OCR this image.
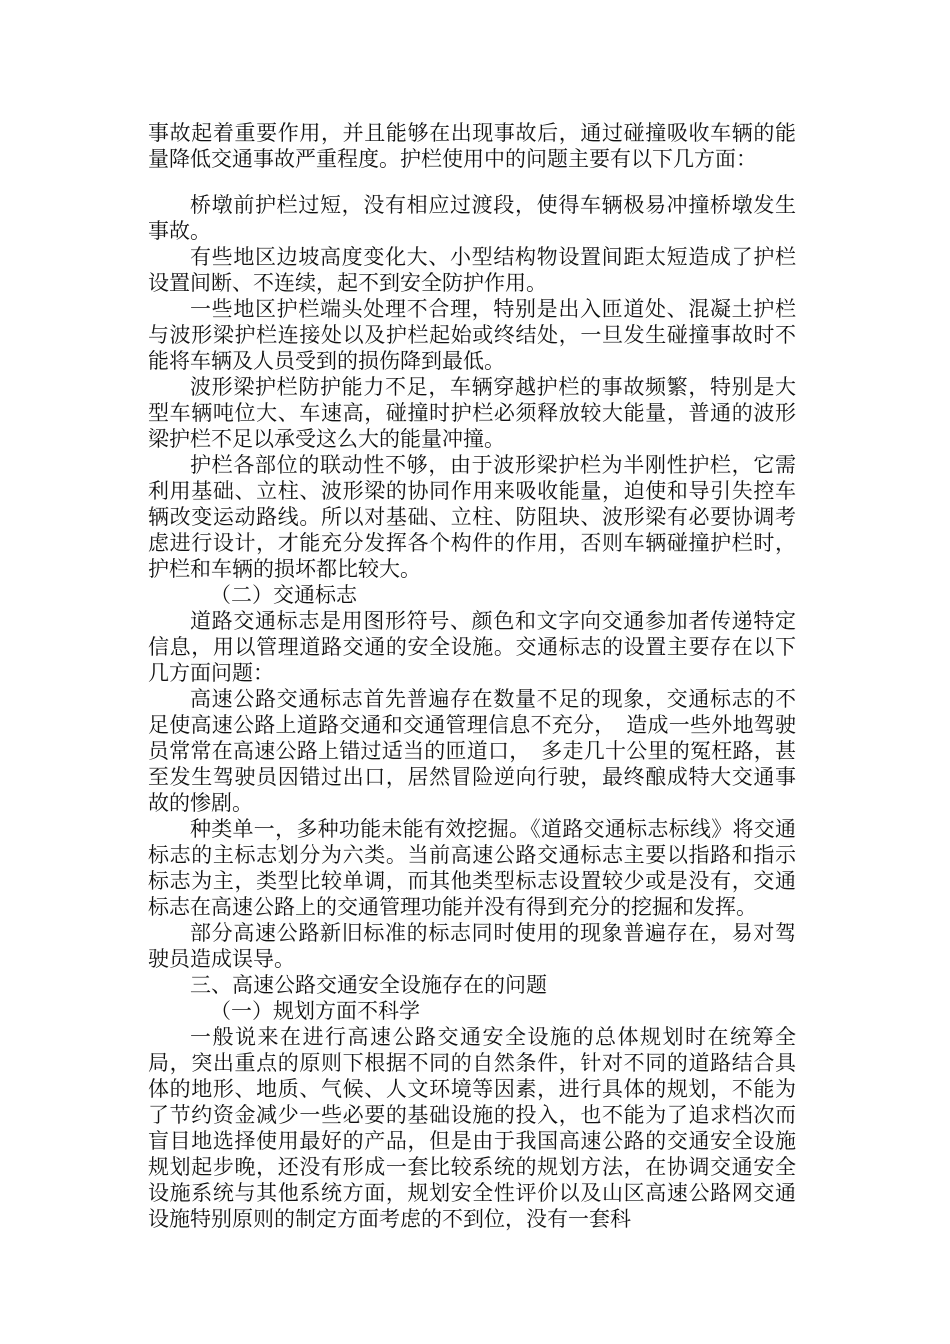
事故起着重要作用，并且能够在出现事故后，通过碰撞吸收车辆的能量降低交通事故严重程度。护栏使用中的问题主要有以下几方面：

桥墩前护栏过短，没有相应过渡段，使得车辆极易冲撞桥墩发生事故。

有些地区边坡高度变化大、小型结构物设置间距太短造成了护栏设置间断、不连续，起不到安全防护作用。

一些地区护栏端头处理不合理，特别是出入匝道处、混凝土护栏与波形梁护栏连接处以及护栏起始或终结处，一旦发生碰撞事故时不能将车辆及人员受到的损伤降到最低。

波形梁护栏防护能力不足，车辆穿越护栏的事故频繁，特别是大型车辆吨位大、车速高，碰撞时护栏必须释放较大能量，普通的波形梁护栏不足以承受这么大的能量冲撞。

护栏各部位的联动性不够，由于波形梁护栏为半刚性护栏，它需利用基础、立柱、波形梁的协同作用来吸收能量，迫使和导引失控车辆改变运动路线。所以对基础、立柱、防阻块、波形梁有必要协调考虑进行设计，才能充分发挥各个构件的作用，否则车辆碰撞护栏时，护栏和车辆的损坏都比较大。

（二）交通标志

道路交通标志是用图形符号、颜色和文字向交通参加者传递特定信息，用以管理道路交通的安全设施。交通标志的设置主要存在以下几方面问题：

高速公路交通标志首先普遍存在数量不足的现象，交通标志的不足使高速公路上道路交通和交通管理信息不充分，　造成一些外地驾驶员常常在高速公路上错过适当的匝道口，　多走几十公里的冤枉路，甚至发生驾驶员因错过出口，居然冒险逆向行驶，最终酿成特大交通事故的惨剧。

种类单一，多种功能未能有效挖掘。《道路交通标志标线》将交通标志的主标志划分为六类。当前高速公路交通标志主要以指路和指示标志为主，类型比较单调，而其他类型标志设置较少或是没有，交通标志在高速公路上的交通管理功能并没有得到充分的挖掘和发挥。

部分高速公路新旧标准的标志同时使用的现象普遍存在，易对驾驶员造成误导。

三、高速公路交通安全设施存在的问题

（一）规划方面不科学

一般说来在进行高速公路交通安全设施的总体规划时在统筹全局，突出重点的原则下根据不同的自然条件，针对不同的道路结合具体的地形、地质、气候、人文环境等因素，进行具体的规划，不能为了节约资金减少一些必要的基础设施的投入，也不能为了追求档次而盲目地选择使用最好的产品，但是由于我国高速公路的交通安全设施规划起步晚，还没有形成一套比较系统的规划方法，在协调交通安全设施系统与其他系统方面，规划安全性评价以及山区高速公路网交通设施特别原则的制定方面考虑的不到位，没有一套科
